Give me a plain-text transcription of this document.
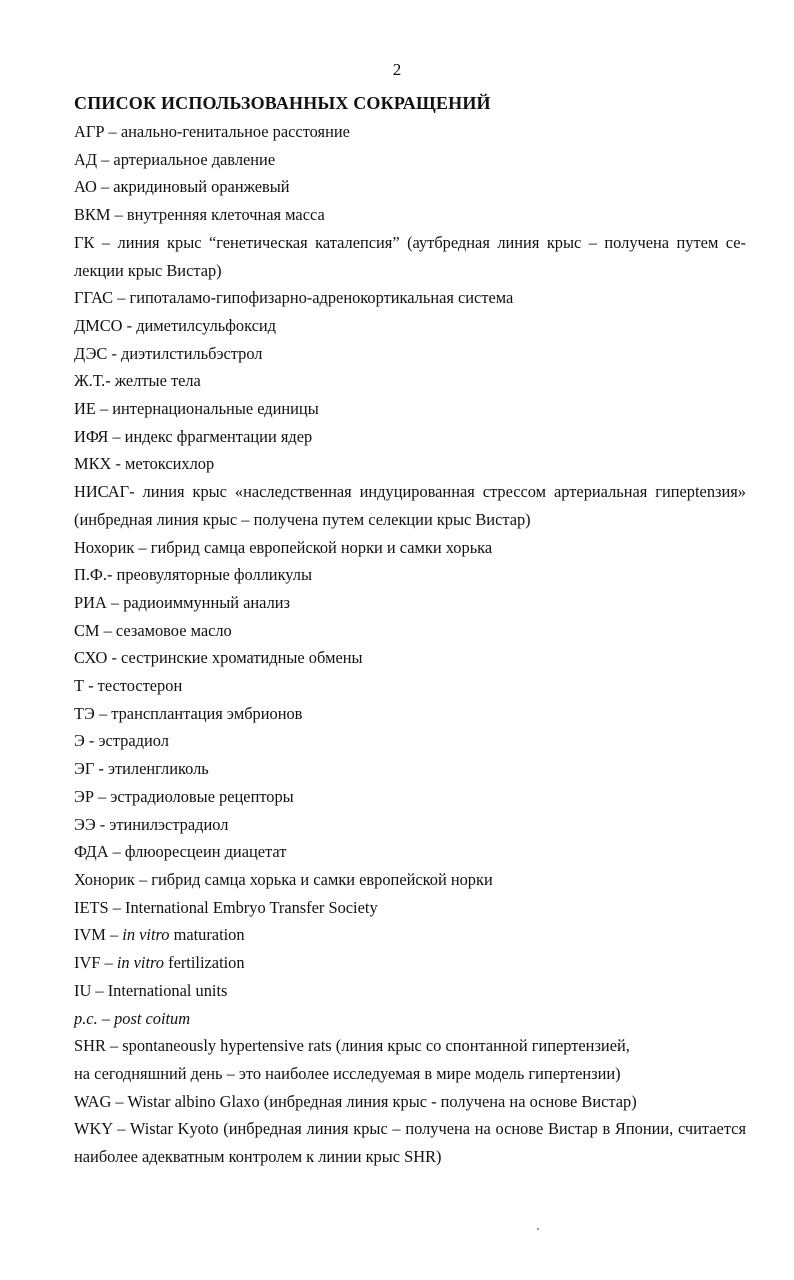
2
СПИСОК ИСПОЛЬЗОВАННЫХ СОКРАЩЕНИЙ
АГР – анально-генитальное расстояние
АД – артериальное давление
АО – акридиновый оранжевый
ВКМ – внутренняя клеточная масса
ГК – линия крыс “генетическая каталепсия” (аутбредная линия крыс – получена путем селекции крыс Вистар)
ГГАС – гипоталамо-гипофизарно-адренокортикальная система
ДМСО - диметилсульфоксид
ДЭС - диэтилстильбэстрол
Ж.Т.- желтые тела
ИЕ – интернациональные единицы
ИФЯ – индекс фрагментации ядер
МКХ - метоксихлор
НИСАГ- линия крыс «наследственная индуцированная стрессом артериальная гиперtenзия» (инбредная линия крыс – получена путем селекции крыс Вистар)
Нохорик – гибрид самца европейской норки и самки хорька
П.Ф.- преовуляторные фолликулы
РИА – радиоиммунный анализ
СМ – сезамовое масло
СХО - сестринские хроматидные обмены
Т - тестостерон
ТЭ – трансплантация эмбрионов
Э - эстрадиол
ЭГ - этиленгликоль
ЭР – эстрадиоловые рецепторы
ЭЭ - этинилэстрадиол
ФДА – флюоресцеин диацетат
Хонорик – гибрид самца хорька и самки европейской норки
IETS – International Embryo Transfer Society
IVM – in vitro maturation
IVF – in vitro fertilization
IU – International units
p.c. – post coitum
SHR – spontaneously hypertensive rats (линия крыс со спонтанной гипертензией,
на сегодняшний день – это наиболее исследуемая в мире модель гипертензии)
WAG – Wistar albino Glaxo (инбредная линия крыс - получена на основе Вистар)
WKY – Wistar Kyoto (инбредная линия крыс – получена на основе Вистар в Японии, считается наиболее адекватным контролем к линии крыс SHR)
